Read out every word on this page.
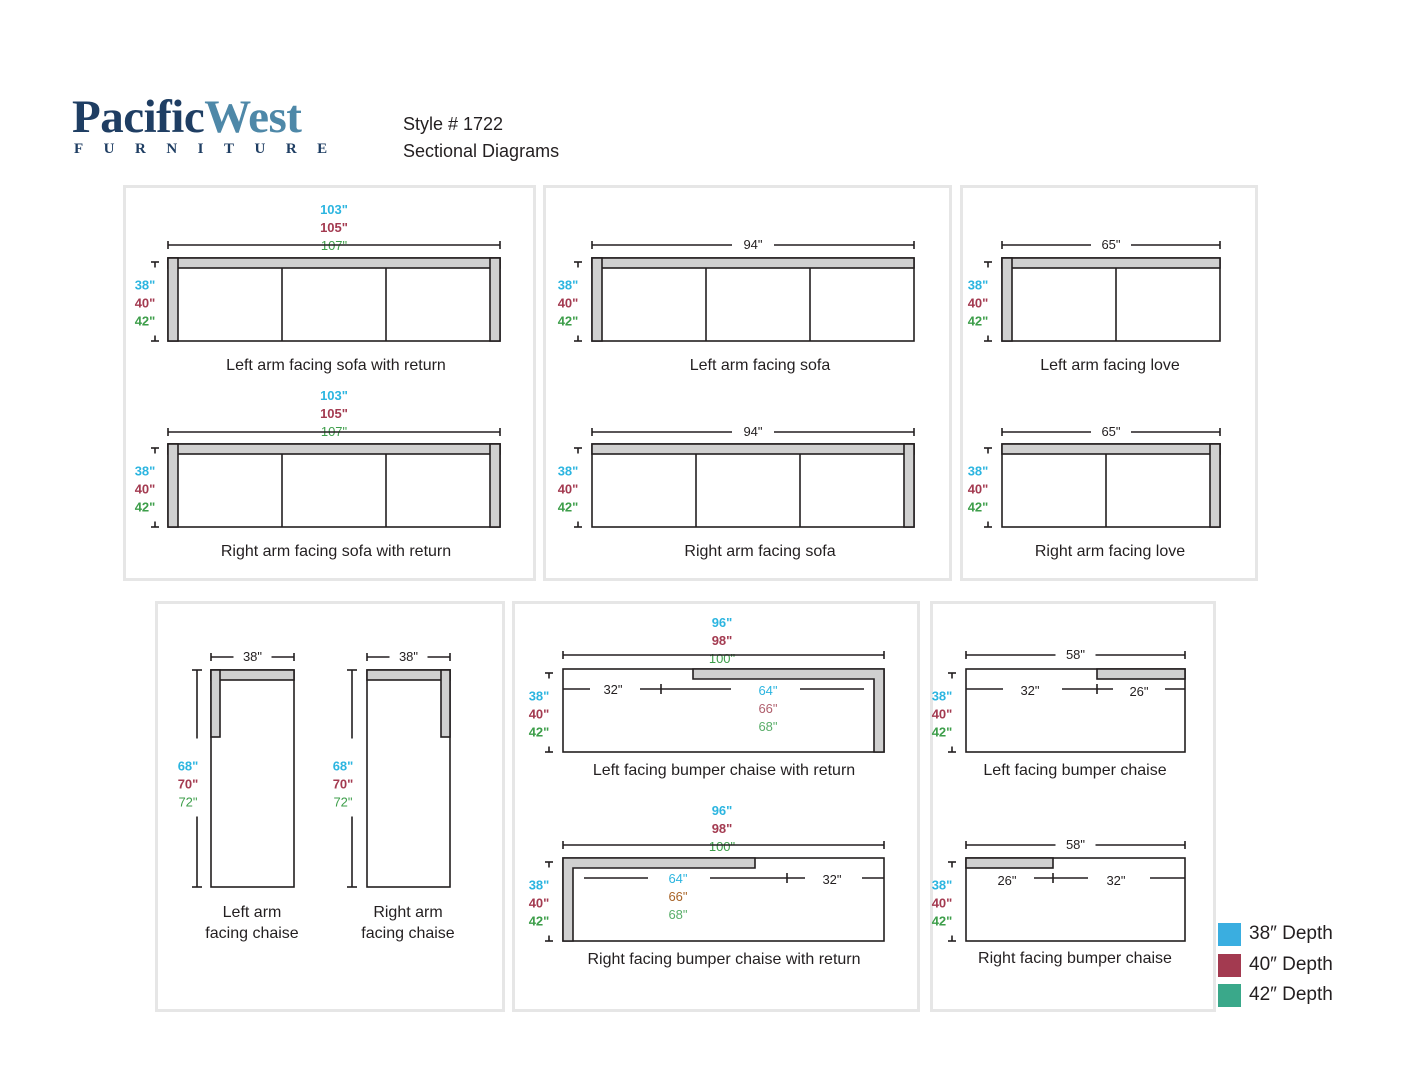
PacificWest
FURNITURE
Style # 1722
Sectional Diagrams
103"
105"
107"
38"
40"
42"
Left arm facing sofa with return
103"
105"
107"
38"
40"
42"
Right arm facing sofa with return
94"
38"
40"
42"
Left arm facing sofa
94"
38"
40"
42"
Right arm facing sofa
65"
38"
40"
42"
Left arm facing love
65"
38"
40"
42"
Right arm facing love
38"
68"
70"
72"
Left arm
facing chaise
38"
68"
70"
72"
Right arm
facing chaise
96"
98"
100"
38"
40"
42"
32"	64"
66"
68"
Left facing bumper chaise with return
96"
98"
100"
38"
40"
42"
64"
66"
68"
32"
Right facing bumper chaise with return
58"
38"
40"
42"
32"	26"
Left facing bumper chaise
58"
38"
40"
42"
26"	32"
Right facing bumper chaise
38″ Depth
40″ Depth
42″ Depth
